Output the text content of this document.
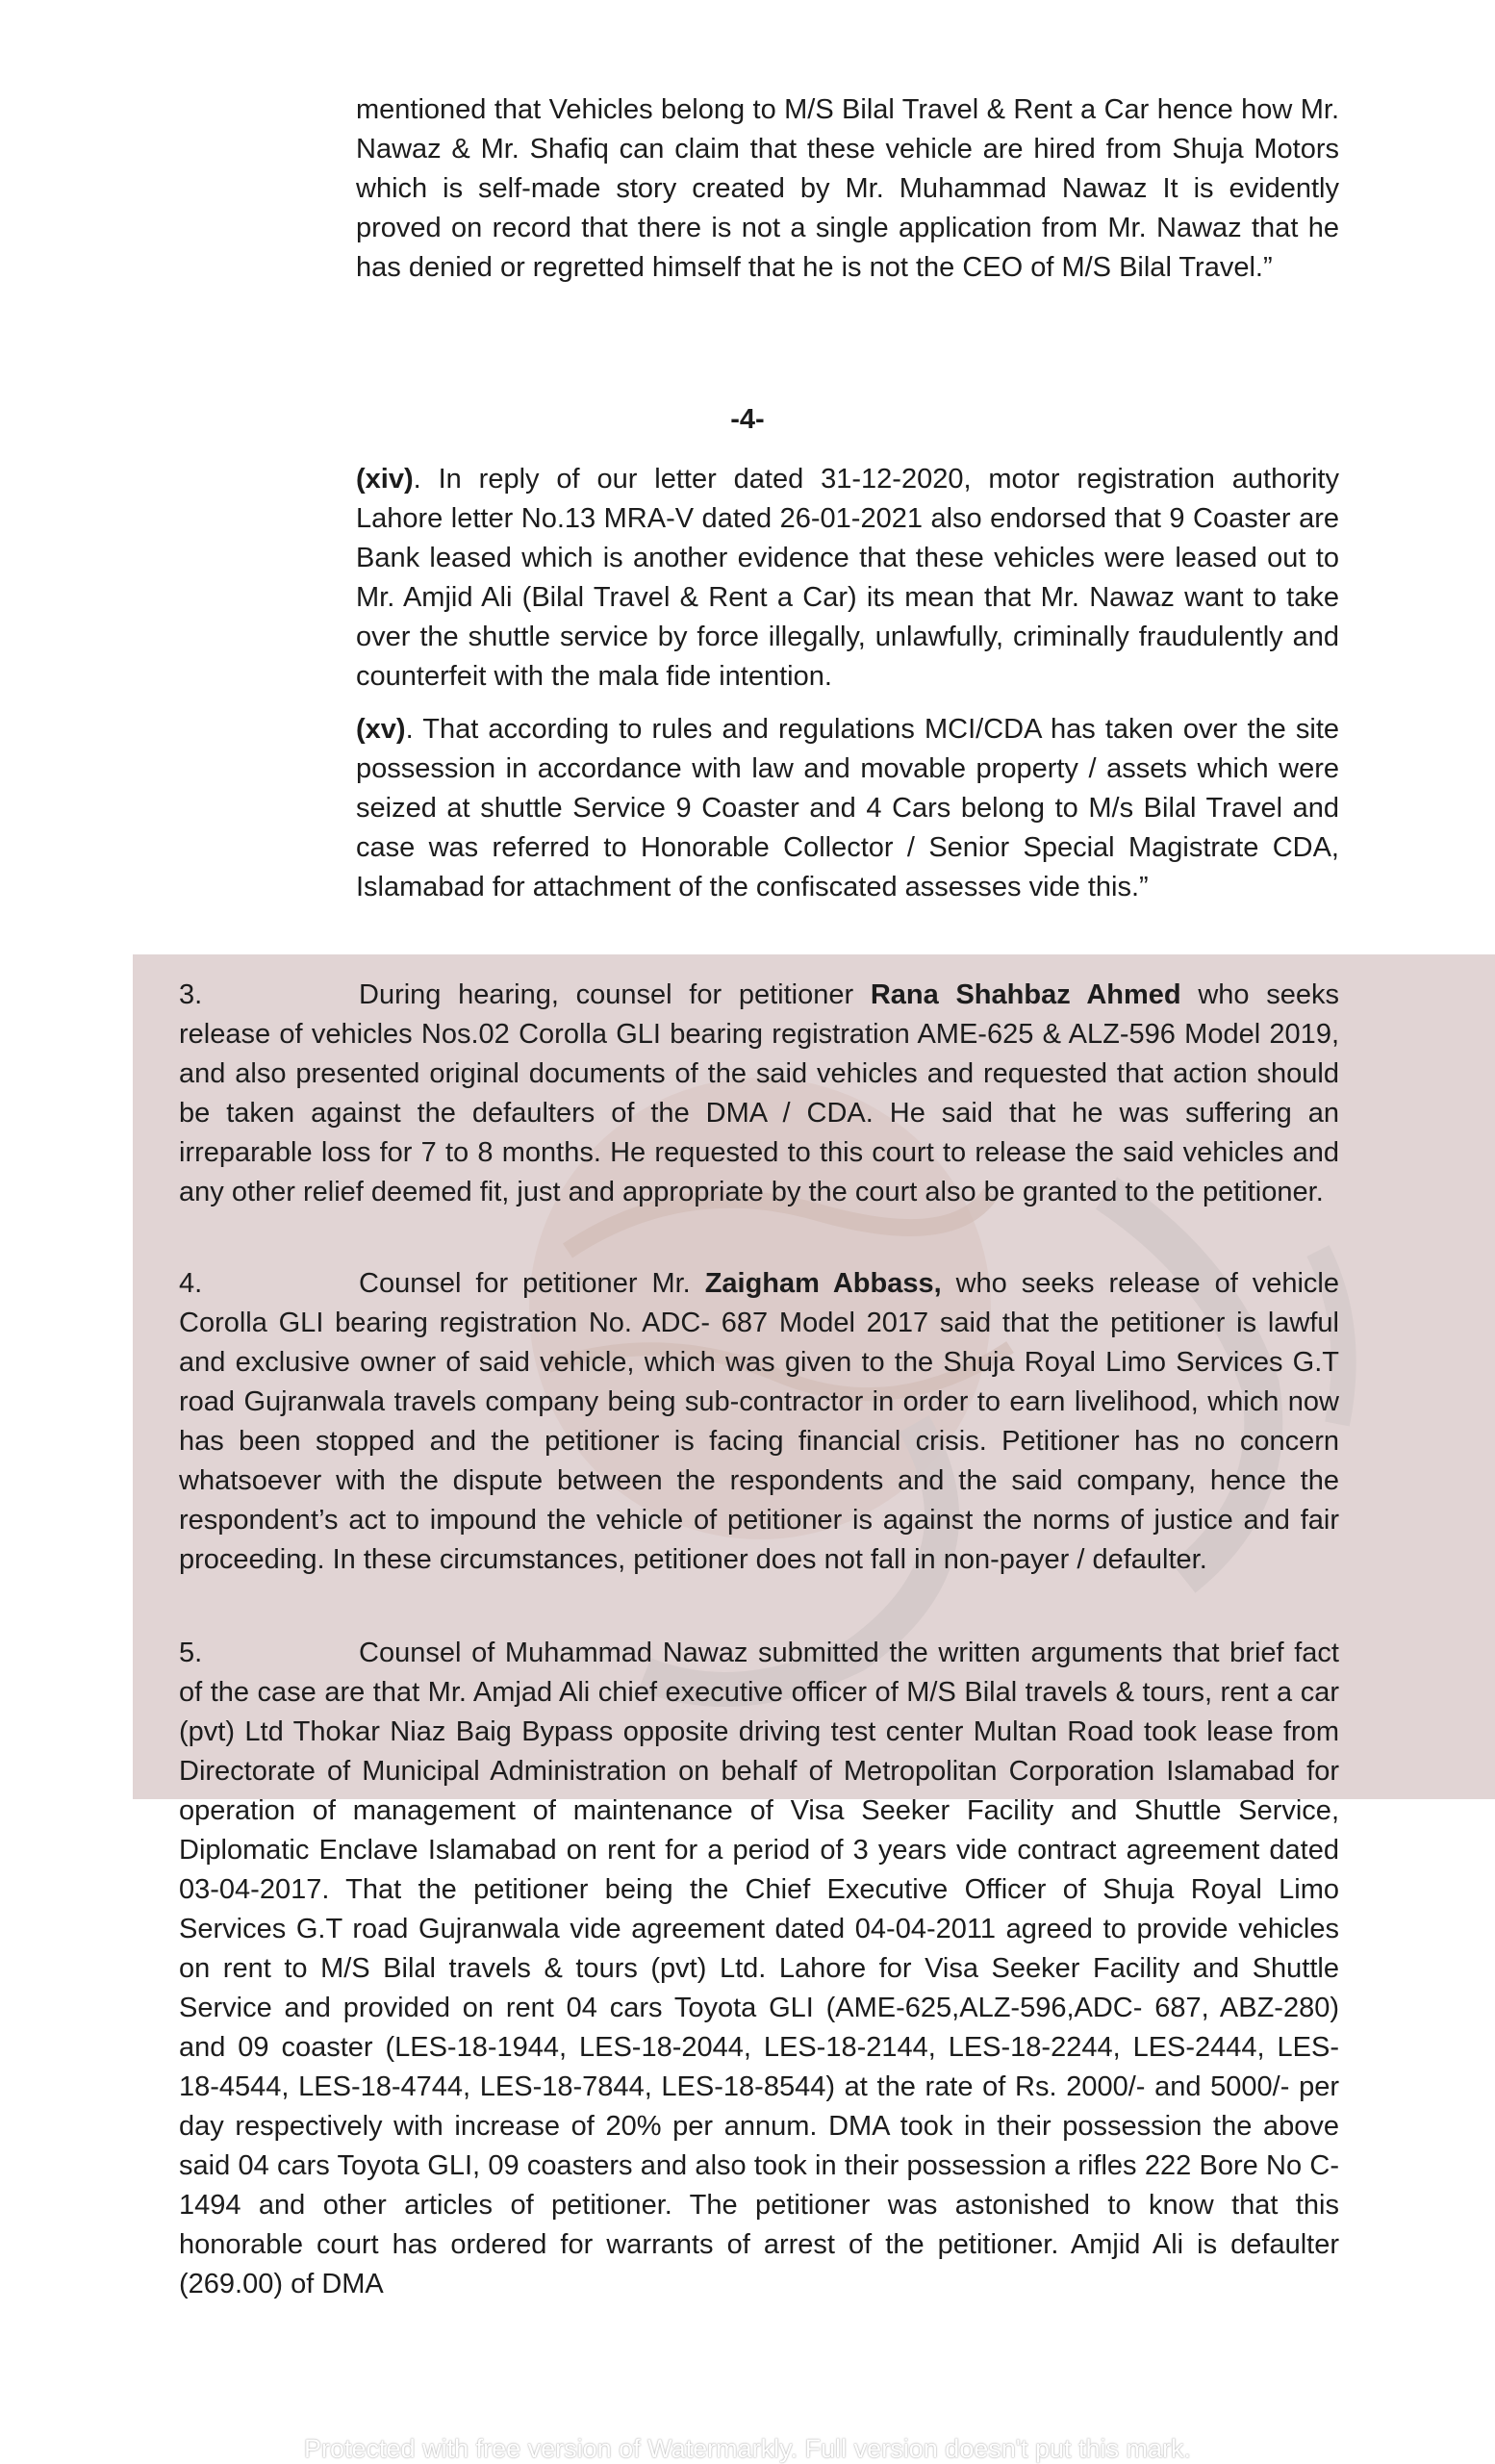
mentioned that Vehicles belong to M/S Bilal Travel & Rent a Car hence how Mr. Nawaz & Mr. Shafiq can claim that these vehicle are hired from Shuja Motors which is self-made story created by Mr. Muhammad Nawaz It is evidently proved on record that there is not a single application from Mr. Nawaz that he has denied or regretted himself that he is not the CEO of M/S Bilal Travel.”
-4-
(xiv). In reply of our letter dated 31-12-2020, motor registration authority Lahore letter No.13 MRA-V dated 26-01-2021 also endorsed that 9 Coaster are Bank leased which is another evidence that these vehicles were leased out to Mr. Amjid Ali (Bilal Travel & Rent a Car) its mean that Mr. Nawaz want to take over the shuttle service by force illegally, unlawfully, criminally fraudulently and counterfeit with the mala fide intention.
(xv). That according to rules and regulations MCI/CDA has taken over the site possession in accordance with law and movable property / assets which were seized at shuttle Service 9 Coaster and 4 Cars belong to M/s Bilal Travel and case was referred to Honorable Collector / Senior Special Magistrate CDA, Islamabad for attachment of the confiscated assesses vide this.”
3.	During hearing, counsel for petitioner Rana Shahbaz Ahmed who seeks release of vehicles Nos.02 Corolla GLI bearing registration AME-625 & ALZ-596 Model 2019, and also presented original documents of the said vehicles and requested that action should be taken against the defaulters of the DMA / CDA. He said that he was suffering an irreparable loss for 7 to 8 months. He requested to this court to release the said vehicles and any other relief deemed fit, just and appropriate by the court also be granted to the petitioner.
4.	Counsel for petitioner Mr. Zaigham Abbass, who seeks release of vehicle Corolla GLI bearing registration No. ADC- 687 Model 2017 said that the petitioner is lawful and exclusive owner of said vehicle, which was given to the Shuja Royal Limo Services G.T road Gujranwala travels company being sub-contractor in order to earn livelihood, which now has been stopped and the petitioner is facing financial crisis. Petitioner has no concern whatsoever with the dispute between the respondents and the said company, hence the respondent’s act to impound the vehicle of petitioner is against the norms of justice and fair proceeding. In these circumstances, petitioner does not fall in non-payer / defaulter.
5.	Counsel of Muhammad Nawaz submitted the written arguments that brief fact of the case are that Mr. Amjad Ali chief executive officer of M/S Bilal travels & tours, rent a car (pvt) Ltd Thokar Niaz Baig Bypass opposite driving test center Multan Road took lease from Directorate of Municipal Administration on behalf of Metropolitan Corporation Islamabad for operation of management of maintenance of Visa Seeker Facility and Shuttle Service, Diplomatic Enclave Islamabad on rent for a period of 3 years vide contract agreement dated 03-04-2017. That the petitioner being the Chief Executive Officer of Shuja Royal Limo Services G.T road Gujranwala vide agreement dated 04-04-2011 agreed to provide vehicles on rent to M/S Bilal travels & tours (pvt) Ltd. Lahore for Visa Seeker Facility and Shuttle Service and provided on rent 04 cars Toyota GLI (AME-625,ALZ-596,ADC- 687, ABZ-280) and 09 coaster (LES-18-1944, LES-18-2044, LES-18-2144, LES-18-2244, LES-2444, LES-18-4544, LES-18-4744, LES-18-7844, LES-18-8544) at the rate of Rs. 2000/- and 5000/- per day respectively with increase of 20% per annum. DMA took in their possession the above said 04 cars Toyota GLI, 09 coasters and also took in their possession a rifles 222 Bore No C- 1494 and other articles of petitioner. The petitioner was astonished to know that this honorable court has ordered for warrants of arrest of the petitioner. Amjid Ali is defaulter (269.00) of DMA
Protected with free version of Watermarkly. Full version doesn't put this mark.
